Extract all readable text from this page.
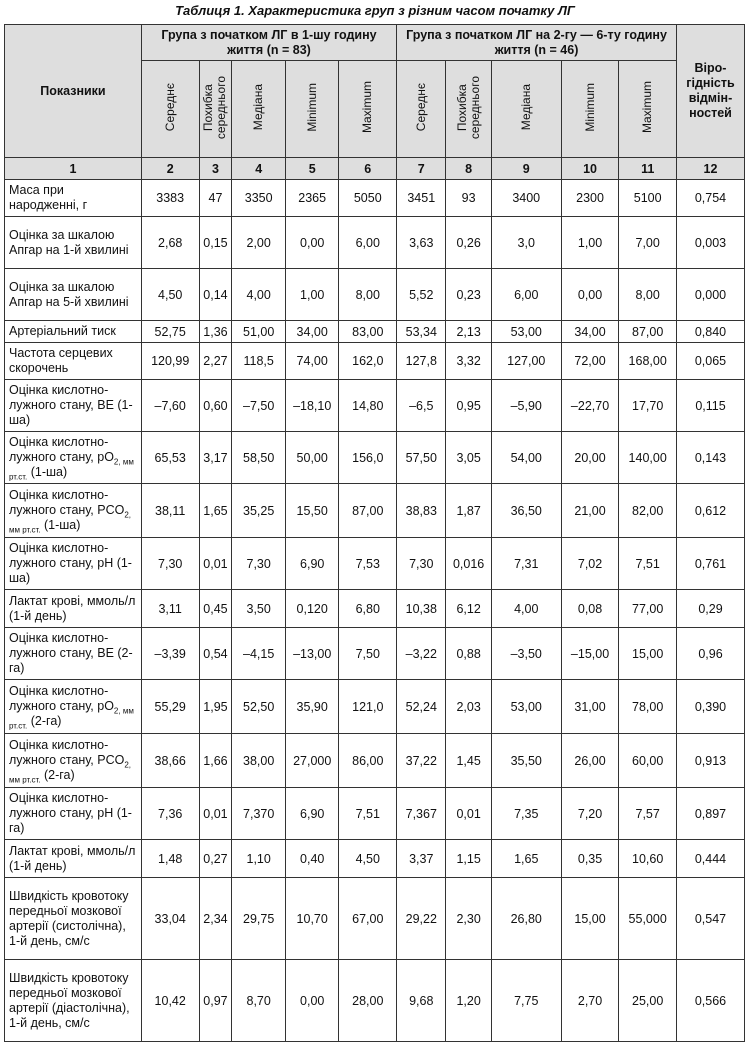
Таблиця 1. Характеристика груп з різним часом початку ЛГ
Показники	Група з початком ЛГ в 1-шу годину життя (n = 83)					Група з початком ЛГ на 2-гу — 6-ту годину життя (n = 46)					Віро-
гідність
відмін-
ностей
	Середнє	Похибка
середнього	Медіана	Minimum	Maximum	Середнє	Похибка
середнього	Медіана	Minimum	Maximum	
1	2	3	4	5	6	7	8	9	10	11	12
Маса при народженні, г	3383	47	3350	2365	5050	3451	93	3400	2300	5100	0,754
Оцінка за шкалою Апгар на 1-й хвилині	2,68	0,15	2,00	0,00	6,00	3,63	0,26	3,0	1,00	7,00	0,003
Оцінка за шкалою Апгар на 5-й хвилині	4,50	0,14	4,00	1,00	8,00	5,52	0,23	6,00	0,00	8,00	0,000
Артеріальний тиск	52,75	1,36	51,00	34,00	83,00	53,34	2,13	53,00	34,00	87,00	0,840
Частота серцевих скорочень	120,99	2,27	118,5	74,00	162,0	127,8	3,32	127,00	72,00	168,00	0,065
Оцінка кислотно-лужного стану, BE (1-ша)	–7,60	0,60	–7,50	–18,10	14,80	–6,5	0,95	–5,90	–22,70	17,70	0,115
Оцінка кислотно-лужного стану, $pO_{2, мм рт.ст.}$ (1-ша)	65,53	3,17	58,50	50,00	156,0	57,50	3,05	54,00	20,00	140,00	0,143
Оцінка кислотно-лужного стану, $PCO_{2, мм рт.ст.}$ (1-ша)	38,11	1,65	35,25	15,50	87,00	38,83	1,87	36,50	21,00	82,00	0,612
Оцінка кислотно-лужного стану, pH (1-ша)	7,30	0,01	7,30	6,90	7,53	7,30	0,016	7,31	7,02	7,51	0,761
Лактат крові, ммоль/л (1-й день)	3,11	0,45	3,50	0,120	6,80	10,38	6,12	4,00	0,08	77,00	0,29
Оцінка кислотно-лужного стану, BE (2-га)	–3,39	0,54	–4,15	–13,00	7,50	–3,22	0,88	–3,50	–15,00	15,00	0,96
Оцінка кислотно-лужного стану, $pO_{2, мм рт.ст.}$ (2-га)	55,29	1,95	52,50	35,90	121,0	52,24	2,03	53,00	31,00	78,00	0,390
Оцінка кислотно-лужного стану, $PCO_{2, мм рт.ст.}$ (2-га)	38,66	1,66	38,00	27,000	86,00	37,22	1,45	35,50	26,00	60,00	0,913
Оцінка кислотно-лужного стану, pH (1-га)	7,36	0,01	7,370	6,90	7,51	7,367	0,01	7,35	7,20	7,57	0,897
Лактат крові, ммоль/л (1-й день)	1,48	0,27	1,10	0,40	4,50	3,37	1,15	1,65	0,35	10,60	0,444
Швидкість кровотоку передньої мозкової артерії (систолічна), 1-й день, см/с	33,04	2,34	29,75	10,70	67,00	29,22	2,30	26,80	15,00	55,000	0,547
Швидкість кровотоку передньої мозкової артерії (діастолічна), 1-й день, см/с	10,42	0,97	8,70	0,00	28,00	9,68	1,20	7,75	2,70	25,00	0,566
